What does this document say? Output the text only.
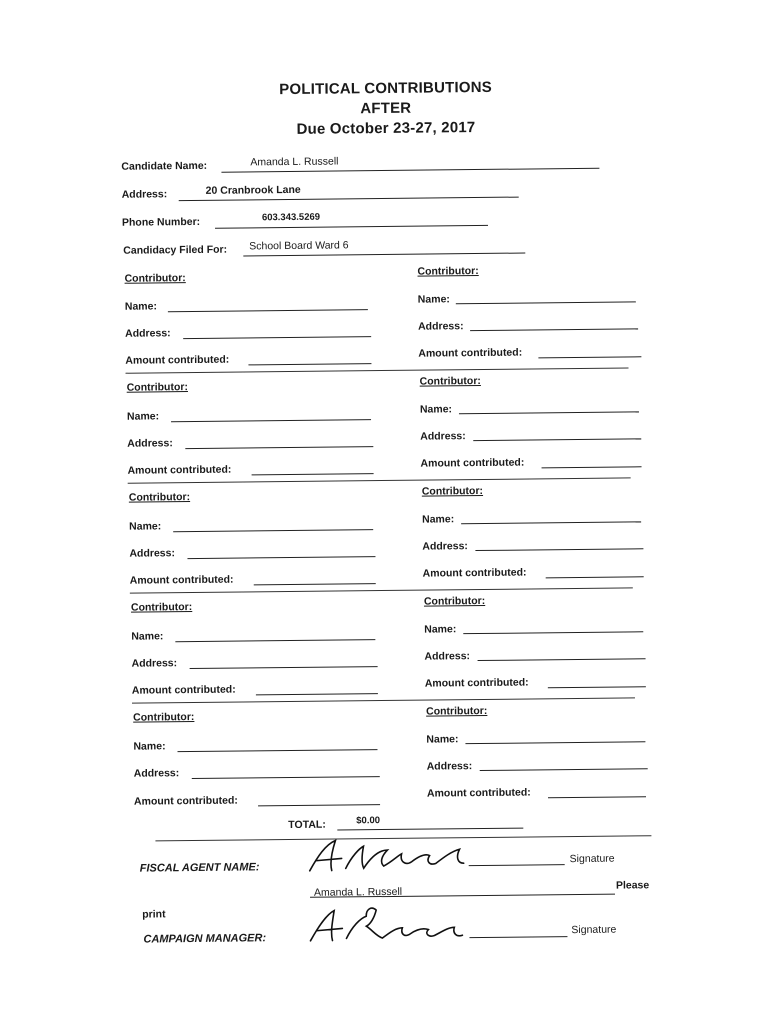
POLITICAL CONTRIBUTIONS
AFTER
Due October 23-27, 2017
Candidate Name:	Amanda L. Russell
Address:	20 Cranbrook Lane
Phone Number:	603.343.5269
Candidacy Filed For: School Board Ward 6
Contributor:
Name:
Address:
Amount contributed:
Contributor:
Name:
Address:
Amount contributed:
Contributor:
Name:
Address:
Amount contributed:
Contributor:
Name:
Address:
Amount contributed:
Contributor:
Name:
Address:
Amount contributed:
Contributor:
Name:
Address:
Amount contributed:
Contributor:
Name:
Address:
Amount contributed:
Contributor:
Name:
Address:
Amount contributed:
Contributor:
Name:
Address:
Amount contributed:
Contributor:
Name:
Address:
Amount contributed:
TOTAL:	$0.00
FISCAL AGENT NAME:
Signature
Amanda L. Russell
Please
print
CAMPAIGN MANAGER:
Signature
